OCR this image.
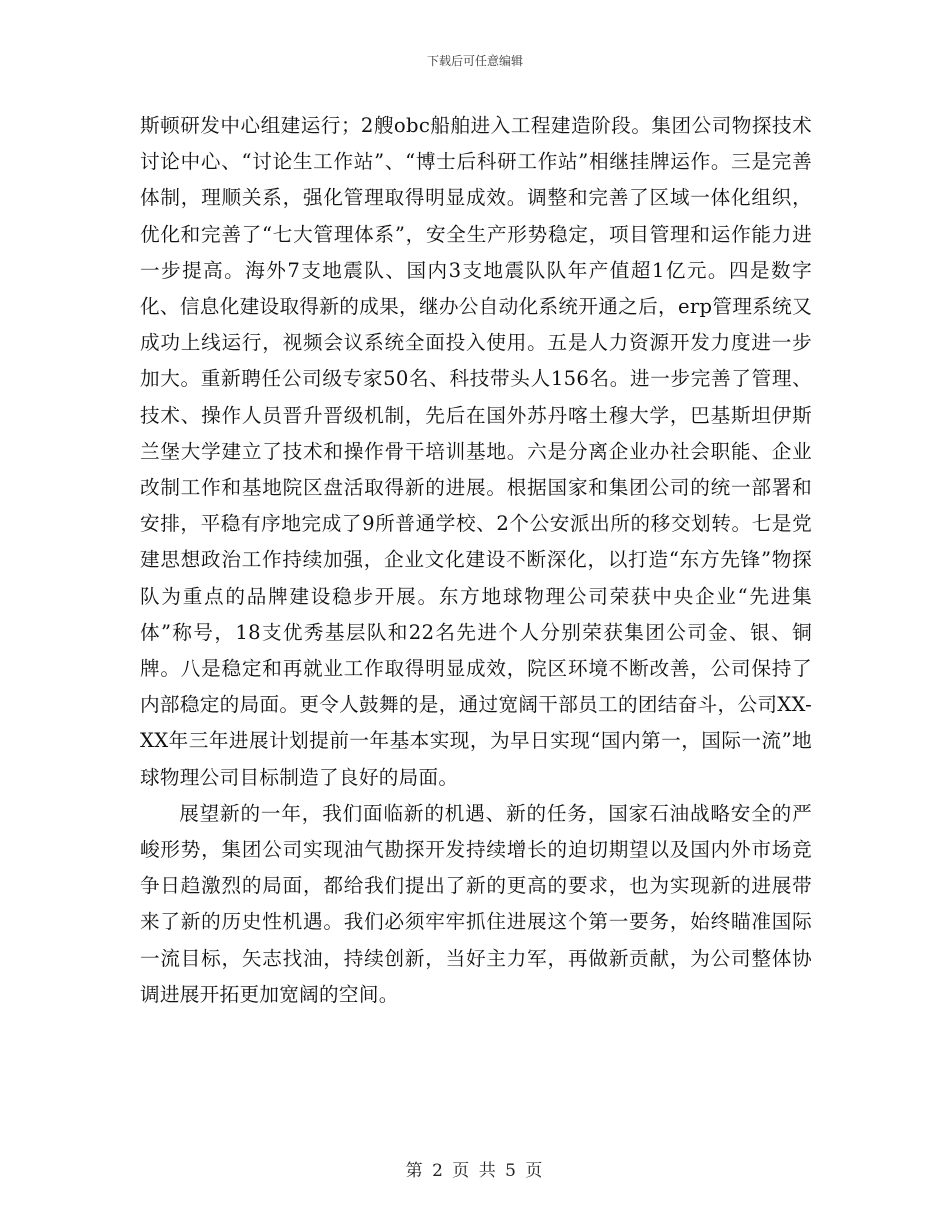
下载后可任意编辑

斯顿研发中心组建运行；2艘obc船舶进入工程建造阶段。集团公司物探技术讨论中心、“讨论生工作站”、“博士后科研工作站”相继挂牌运作。三是完善体制，理顺关系，强化管理取得明显成效。调整和完善了区域一体化组织，优化和完善了“七大管理体系”，安全生产形势稳定，项目管理和运作能力进一步提高。海外7支地震队、国内3支地震队队年产值超1亿元。四是数字化、信息化建设取得新的成果，继办公自动化系统开通之后，erp管理系统又成功上线运行，视频会议系统全面投入使用。五是人力资源开发力度进一步加大。重新聘任公司级专家50名、科技带头人156名。进一步完善了管理、技术、操作人员晋升晋级机制，先后在国外苏丹喀土穆大学，巴基斯坦伊斯兰堡大学建立了技术和操作骨干培训基地。六是分离企业办社会职能、企业改制工作和基地院区盘活取得新的进展。根据国家和集团公司的统一部署和安排，平稳有序地完成了9所普通学校、2个公安派出所的移交划转。七是党建思想政治工作持续加强，企业文化建设不断深化，以打造“东方先锋”物探队为重点的品牌建设稳步开展。东方地球物理公司荣获中央企业“先进集体”称号，18支优秀基层队和22名先进个人分别荣获集团公司金、银、铜牌。八是稳定和再就业工作取得明显成效，院区环境不断改善，公司保持了内部稳定的局面。更令人鼓舞的是，通过宽阔干部员工的团结奋斗，公司XX-XX年三年进展计划提前一年基本实现，为早日实现“国内第一，国际一流”地球物理公司目标制造了良好的局面。

展望新的一年，我们面临新的机遇、新的任务，国家石油战略安全的严峻形势，集团公司实现油气勘探开发持续增长的迫切期望以及国内外市场竞争日趋激烈的局面，都给我们提出了新的更高的要求，也为实现新的进展带来了新的历史性机遇。我们必须牢牢抓住进展这个第一要务，始终瞄准国际一流目标，矢志找油，持续创新，当好主力军，再做新贡献，为公司整体协调进展开拓更加宽阔的空间。

第 2 页 共 5 页
